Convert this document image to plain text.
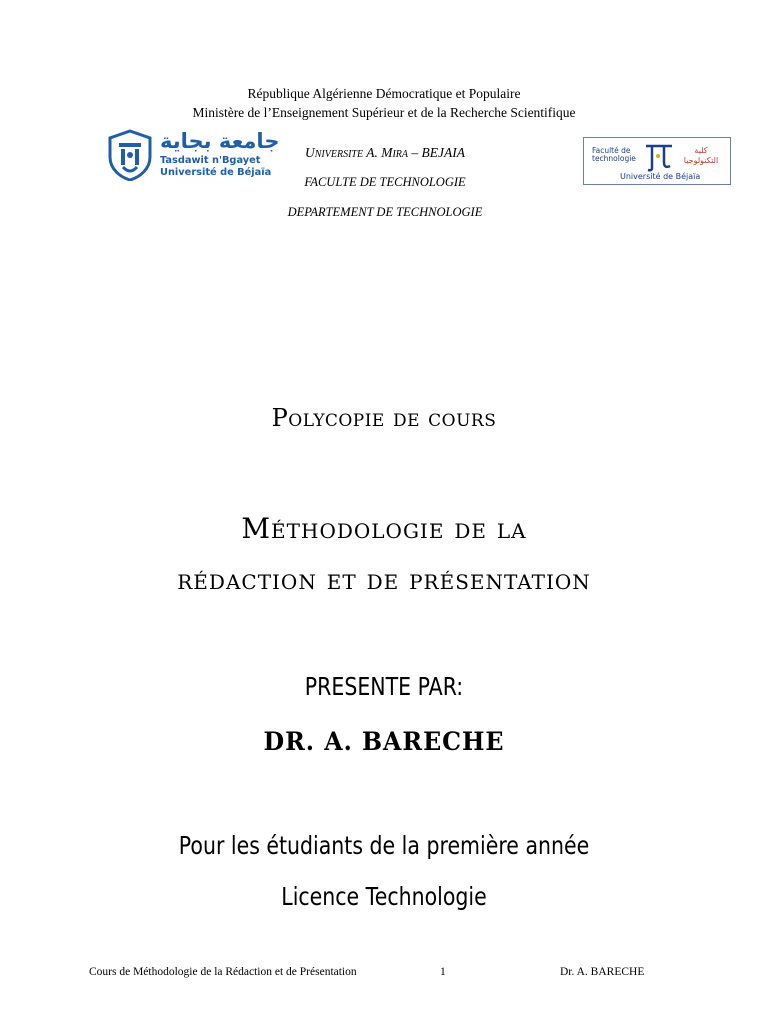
République Algérienne Démocratique et Populaire
Ministère de l’Enseignement Supérieur et de la Recherche Scientifique
جامعة بجاية
Tasdawit n'Bgayet
Université de Béjaïa
UNIVERSITE A. MIRA – BEJAIA
FACULTE DE TECHNOLOGIE
DEPARTEMENT DE TECHNOLOGIE
Faculté de technologie
كلية التكنولوجيا
Université de Béjaïa
Polycopie de cours
Méthodologie de la
rédaction et de présentation
PRESENTE PAR:
DR. A. BARECHE
Pour les étudiants de la première année
Licence Technologie
Cours de Méthodologie de la Rédaction et de Présentation	1	Dr. A. BARECHE
